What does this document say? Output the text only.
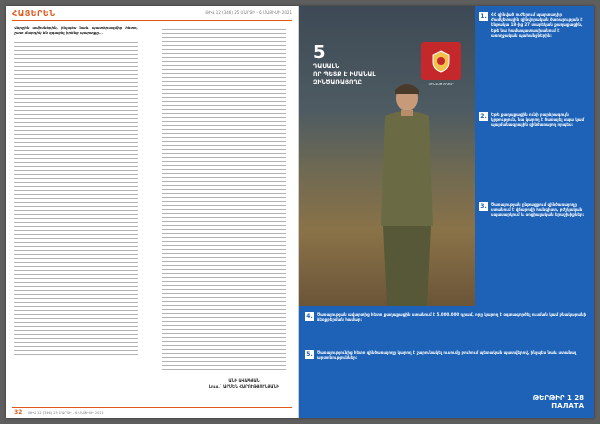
ՀԱՅԵՐԵՆ	ԹԻՎ 12 (346) 25 ՄԱՐՏԻ - 6 ՄԱՅԻՍԻ 2021

Վերջին ամիսներին, ինչպես նաև պատերազմից հետո, շատ մարդիկ են զգացել իրենց պարտքը...

ԱՆԻ ԱՎԱԳՅԱՆ
Լուս.` ԱՐՄԵՆ ՀԱՐՈՒԹՅՈՒՆՅԱՆԻ
32 ԹԻՎ 12 (346) 25 ՄԱՐՏԻ - 6 ՄԱՅԻՍԻ 2021
5
ԴԱՍԱԼՆ
ՈՐ ՊԵՏՔ Է ԻՄԱՆԱԼ
ԶԻՆԾԱՌԱՅՈՂԸ	ԶԻՆՎԱԾ ՈՒԺԵՐ
1. ՀՀ զինված ուժերում պարտադիր ժամկետային զինվորական ծառայության է ենթակա 18-ից 27 տարեկան քաղաքացին, եթե նա համապատասխանում է առողջական պահանջներին։
2. Եթե քաղաքացին ունի բարձրագույն կրթություն, նա կարող է ծառայել սպա կամ պայմանագրային զինծառայող որպես։
3. Ծառայության ընթացքում զինծառայողը ստանում է վճարովի հանգիստ, բժշկական սպասարկում և սոցիալական երաշխիքներ։
4. Ծառայության ավարտից հետո քաղաքացին ստանում է 5.000.000 դրամ, որը կարող է օգտագործել ուսման կամ բնակարանի ձեռքբերման համար։
5. Ծառայությունից հետո զինծառայողը կարող է շարունակել ուսումը բուհում պետական պատվերով, ինչպես նաև ստանալ արտոնություններ։
ԹԵՐԹԻՐ 1 28
ПАЛАТА
